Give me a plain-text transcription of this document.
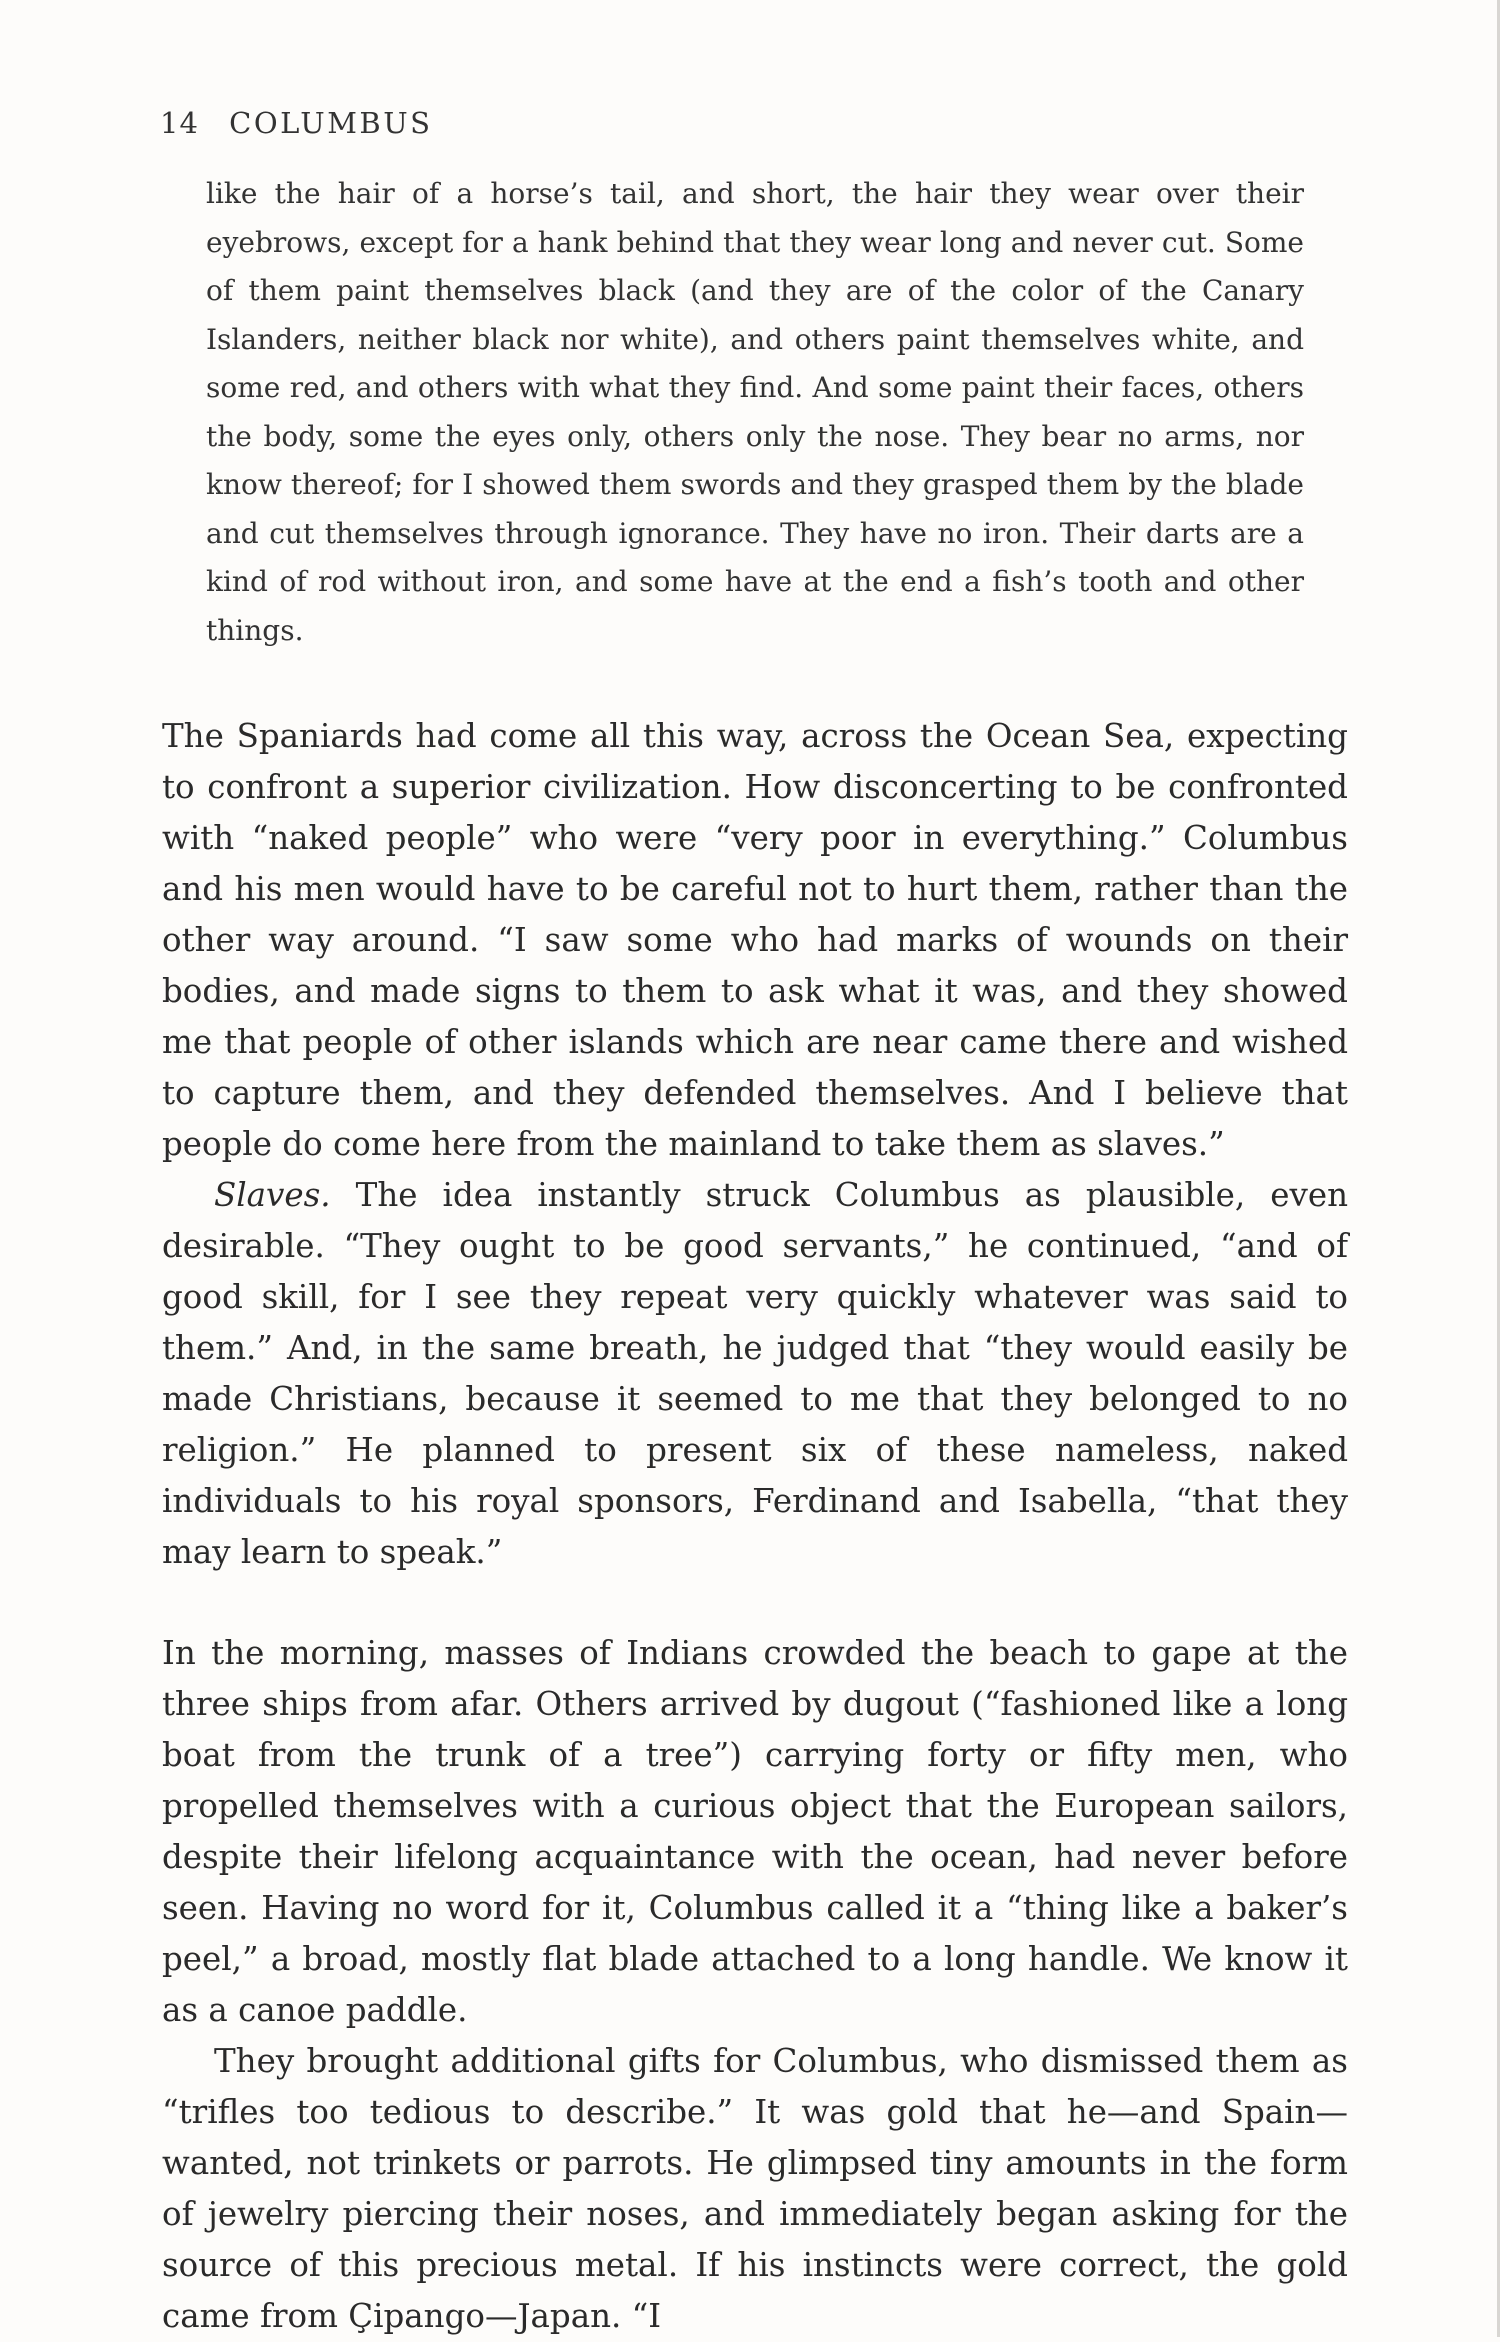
14 COLUMBUS
like the hair of a horse’s tail, and short, the hair they wear over their eyebrows, except for a hank behind that they wear long and never cut. Some of them paint themselves black (and they are of the color of the Canary Islanders, neither black nor white), and others paint themselves white, and some red, and others with what they find. And some paint their faces, others the body, some the eyes only, others only the nose. They bear no arms, nor know thereof; for I showed them swords and they grasped them by the blade and cut themselves through ignorance. They have no iron. Their darts are a kind of rod without iron, and some have at the end a fish’s tooth and other things.

The Spaniards had come all this way, across the Ocean Sea, expecting to confront a superior civilization. How disconcerting to be confronted with “naked people” who were “very poor in everything.” Columbus and his men would have to be careful not to hurt them, rather than the other way around. “I saw some who had marks of wounds on their bodies, and made signs to them to ask what it was, and they showed me that people of other islands which are near came there and wished to capture them, and they defended themselves. And I believe that people do come here from the mainland to take them as slaves.”

Slaves. The idea instantly struck Columbus as plausible, even desirable. “They ought to be good servants,” he continued, “and of good skill, for I see they repeat very quickly whatever was said to them.” And, in the same breath, he judged that “they would easily be made Christians, because it seemed to me that they belonged to no religion.” He planned to present six of these nameless, naked individuals to his royal sponsors, Ferdinand and Isabella, “that they may learn to speak.”

In the morning, masses of Indians crowded the beach to gape at the three ships from afar. Others arrived by dugout (“fashioned like a long boat from the trunk of a tree”) carrying forty or fifty men, who propelled themselves with a curious object that the European sailors, despite their lifelong acquaintance with the ocean, had never before seen. Having no word for it, Columbus called it a “thing like a baker’s peel,” a broad, mostly flat blade attached to a long handle. We know it as a canoe paddle.

They brought additional gifts for Columbus, who dismissed them as “trifles too tedious to describe.” It was gold that he—and Spain—wanted, not trinkets or parrots. He glimpsed tiny amounts in the form of jewelry piercing their noses, and immediately began asking for the source of this precious metal. If his instincts were correct, the gold came from Çipango—Japan. “I
